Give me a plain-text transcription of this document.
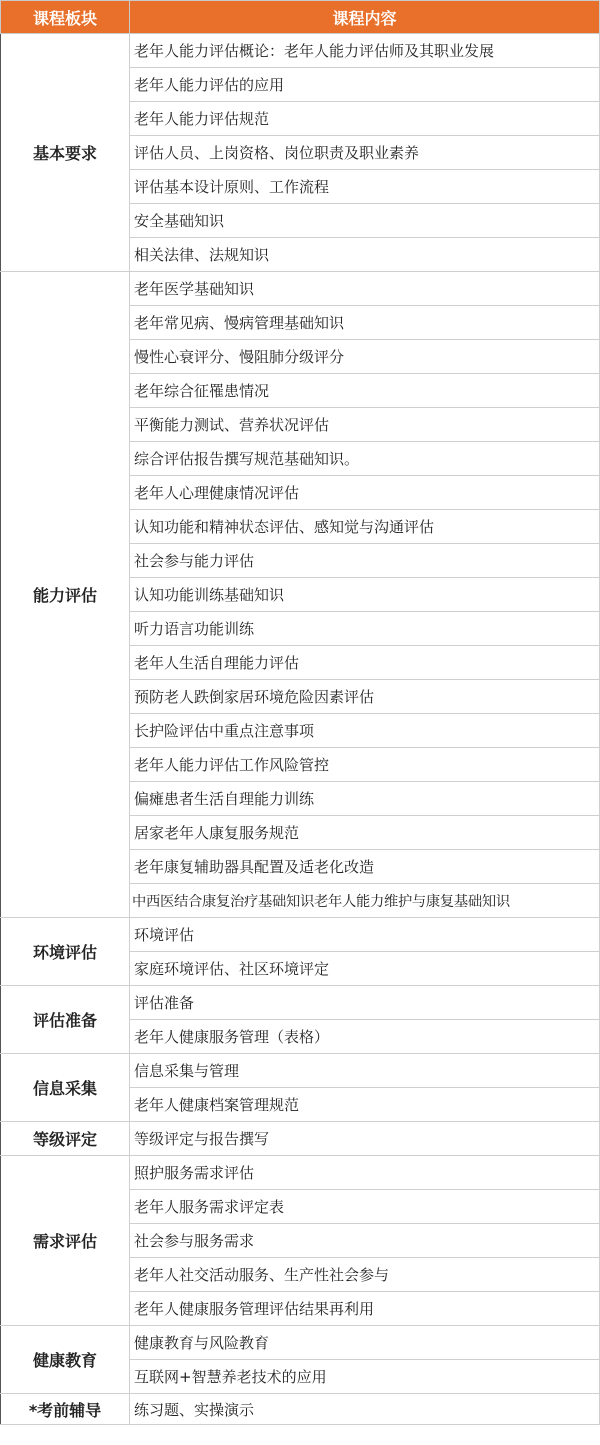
课程板块	课程内容
基本要求	老年人能力评估概论：老年人能力评估师及其职业发展
	老年人能力评估的应用
	老年人能力评估规范
	评估人员、上岗资格、岗位职责及职业素养
	评估基本设计原则、工作流程
	安全基础知识
	相关法律、法规知识
能力评估	老年医学基础知识
	老年常见病、慢病管理基础知识
	慢性心衰评分、慢阻肺分级评分
	老年综合征罹患情况
	平衡能力测试、营养状况评估
	综合评估报告撰写规范基础知识。
	老年人心理健康情况评估
	认知功能和精神状态评估、感知觉与沟通评估
	社会参与能力评估
	认知功能训练基础知识
	听力语言功能训练
	老年人生活自理能力评估
	预防老人跌倒家居环境危险因素评估
	长护险评估中重点注意事项
	老年人能力评估工作风险管控
	偏瘫患者生活自理能力训练
	居家老年人康复服务规范
	老年康复辅助器具配置及适老化改造
	中西医结合康复治疗基础知识老年人能力维护与康复基础知识
环境评估	环境评估
	家庭环境评估、社区环境评定
评估准备	评估准备
	老年人健康服务管理（表格）
信息采集	信息采集与管理
	老年人健康档案管理规范
等级评定	等级评定与报告撰写
需求评估	照护服务需求评估
	老年人服务需求评定表
	社会参与服务需求
	老年人社交活动服务、生产性社会参与
	老年人健康服务管理评估结果再利用
健康教育	健康教育与风险教育
	互联网+智慧养老技术的应用
*考前辅导	练习题、实操演示
